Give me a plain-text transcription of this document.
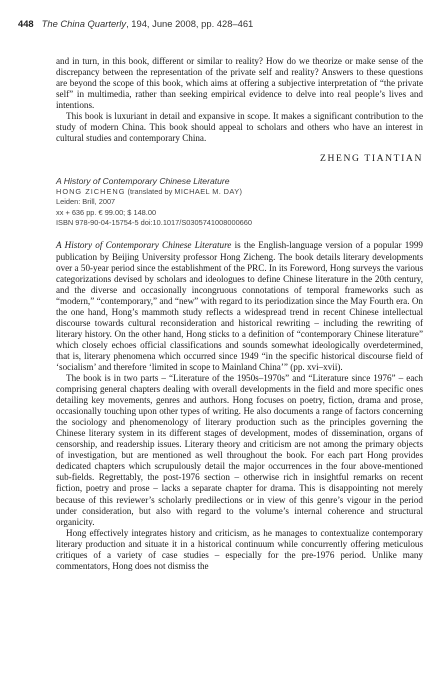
448 The China Quarterly, 194, June 2008, pp. 428–461

and in turn, in this book, different or similar to reality? How do we theorize or make sense of the discrepancy between the representation of the private self and reality? Answers to these questions are beyond the scope of this book, which aims at offering a subjective interpretation of “the private self” in multimedia, rather than seeking empirical evidence to delve into real people’s lives and intentions.

This book is luxuriant in detail and expansive in scope. It makes a significant contribution to the study of modern China. This book should appeal to scholars and others who have an interest in cultural studies and contemporary China.

ZHENG TIANTIAN
A History of Contemporary Chinese Literature
HONG ZICHENG (translated by MICHAEL M. DAY)
Leiden: Brill, 2007
xx + 636 pp. € 99.00; $ 148.00
ISBN 978-90-04-15754-5 doi:10.1017/S0305741008000660

A History of Contemporary Chinese Literature is the English-language version of a popular 1999 publication by Beijing University professor Hong Zicheng. The book details literary developments over a 50-year period since the establishment of the PRC. In its Foreword, Hong surveys the various categorizations devised by scholars and ideologues to define Chinese literature in the 20th century, and the diverse and occasionally incongruous connotations of temporal frameworks such as “modern,” “contemporary,” and “new” with regard to its periodization since the May Fourth era. On the one hand, Hong’s mammoth study reflects a widespread trend in recent Chinese intellectual discourse towards cultural reconsideration and historical rewriting – including the rewriting of literary history. On the other hand, Hong sticks to a definition of “contemporary Chinese literature” which closely echoes official classifications and sounds somewhat ideologically overdetermined, that is, literary phenomena which occurred since 1949 “in the specific historical discourse field of ‘socialism’ and therefore ‘limited in scope to Mainland China’” (pp. xvi–xvii).

The book is in two parts – “Literature of the 1950s–1970s” and “Literature since 1976” – each comprising general chapters dealing with overall developments in the field and more specific ones detailing key movements, genres and authors. Hong focuses on poetry, fiction, drama and prose, occasionally touching upon other types of writing. He also documents a range of factors concerning the sociology and phenomenology of literary production such as the principles governing the Chinese literary system in its different stages of development, modes of dissemination, organs of censorship, and readership issues. Literary theory and criticism are not among the primary objects of investigation, but are mentioned as well throughout the book. For each part Hong provides dedicated chapters which scrupulously detail the major occurrences in the four above-mentioned sub-fields. Regrettably, the post-1976 section – otherwise rich in insightful remarks on recent fiction, poetry and prose – lacks a separate chapter for drama. This is disappointing not merely because of this reviewer’s scholarly predilections or in view of this genre’s vigour in the period under consideration, but also with regard to the volume’s internal coherence and structural organicity.

Hong effectively integrates history and criticism, as he manages to contextualize contemporary literary production and situate it in a historical continuum while concurrently offering meticulous critiques of a variety of case studies – especially for the pre-1976 period. Unlike many commentators, Hong does not dismiss the
